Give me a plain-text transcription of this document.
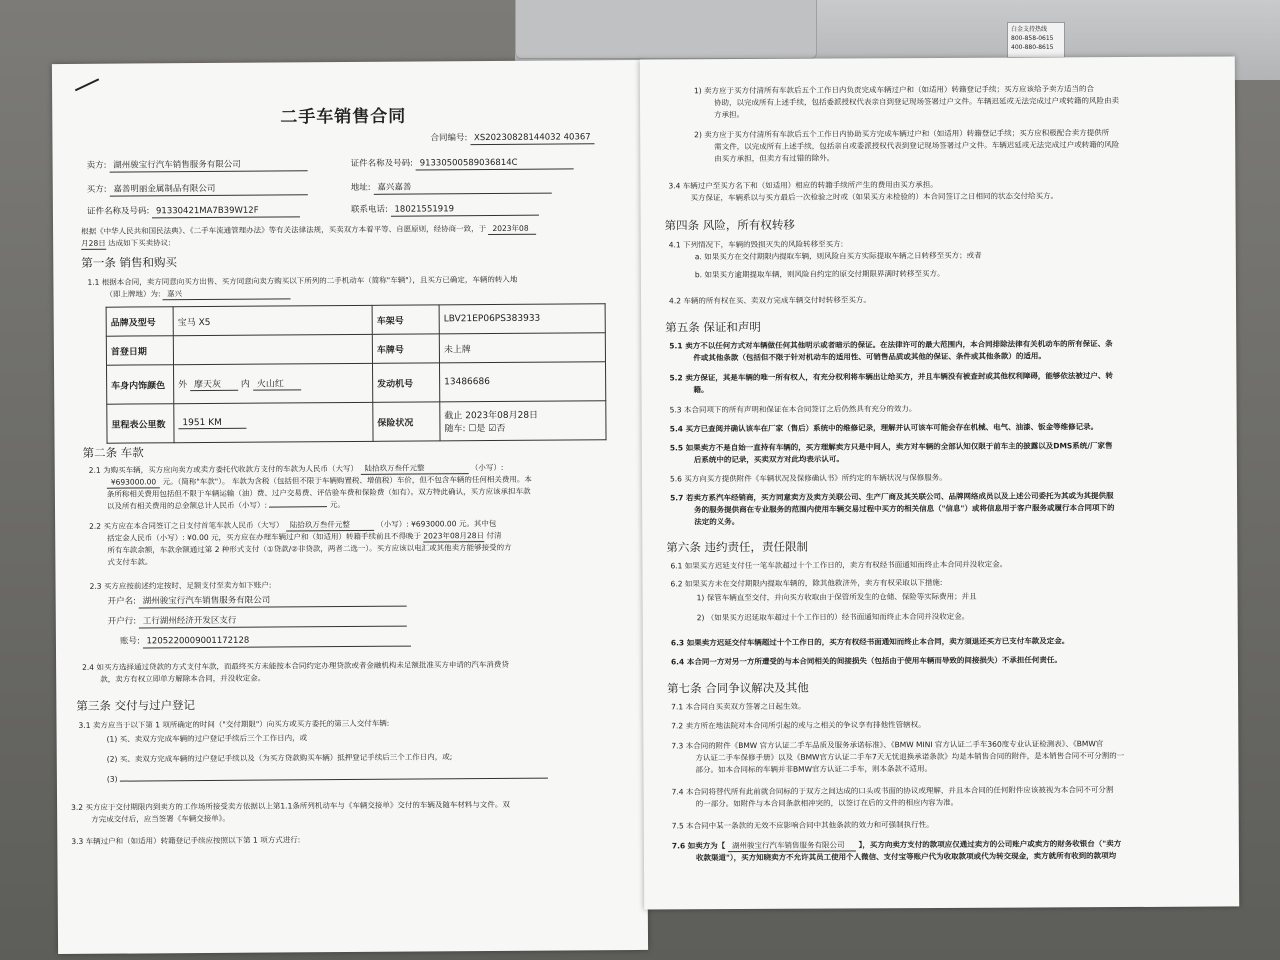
白金支持热线
800-858-0615
400-880-8615
二手车销售合同
合同编号: XS20230828144032 40367
卖方: 湖州骏宝行汽车销售服务有限公司	证件名称及号码: 91330500589036814C
买方: 嘉善明丽金属制品有限公司	地址: 嘉兴嘉善
证件名称及号码: 91330421MA7B39W12F	联系电话: 18021551919
根据《中华人民共和国民法典》、《二手车流通管理办法》等有关法律法规，买卖双方本着平等、自愿原则，经协商一致，于 2023年08
月28日 达成如下买卖协议:
第一条 销售和购买
1.1 根据本合同，卖方同意向买方出售、买方同意向卖方购买以下所列的二手机动车（简称"车辆"），且买方已确定，车辆的转入地
（即上牌地）为: 嘉兴
品牌及型号	宝马 X5	车架号	LBV21EP06PS383933
首登日期		车牌号	未上牌
车身内饰颜色	外 摩天灰 内 火山红	发动机号	13486686
里程表公里数	1951 KM	保险状况	截止 2023年08月28日
随车: ☐是 ☑否
第二条 车款
2.1 为购买车辆，买方应向卖方或卖方委托代收款方支付的车款为人民币（大写） 陆拾玖万叁仟元整	（小写）:
¥693000.00 元。（简称"车款"）。 车款为含税（包括但不限于车辆购置税、增值税）车价，但不包含车辆的任何相关费用。本
条所称相关费用包括但不限于车辆运输（油）费、过户交易费、评估验车费和保险费（如有）。双方特此确认，买方应该承担车款
以及所有相关费用的总金额总计人民币（小写）:	元。
2.2 买方应在本合同签订之日支付首笔车款人民币（大写） 陆拾玖万叁仟元整	（小写）: ¥693000.00 元。其中包
括定金人民币（小写）: ¥0.00 元，买方应在办理车辆过户和（如适用）转籍手续前且不得晚于 2023年08月28日 付清
所有车款余额，车款余额通过第 2 种形式支付（①贷款/②非贷款，两者二选一）。买方应该以电汇或其他卖方能够接受的方
式支付车款。
2.3 买方应按前述约定按时、足额支付至卖方如下账户:
开户名: 湖州骏宝行汽车销售服务有限公司
开户行: 工行湖州经济开发区支行
账号: 1205220009001172128
2.4 如买方选择通过贷款的方式支付车款，而最终买方未能按本合同约定办理贷款或者金融机构未足额批准买方申请的汽车消费贷
款，卖方有权立即单方解除本合同，并没收定金。
第三条 交付与过户登记
3.1 卖方应当于以下第 1 项所确定的时间（"交付期限"）向买方或买方委托的第三人交付车辆:
(1) 买、卖双方完成车辆的过户登记手续后三个工作日内，或
(2) 买、卖双方完成车辆的过户登记手续以及（为买方贷款购买车辆）抵押登记手续后三个工作日内，或;
(3)
3.2 买方应于交付期限内到卖方的工作场所接受卖方依据以上第1.1条所列机动车与《车辆交接单》交付的车辆及随车材料与文件。双
方完成交付后，应当签署《车辆交接单》。
3.3 车辆过户和（如适用）转籍登记手续应按照以下第 1 项方式进行:
1) 卖方应于买方付清所有车款后五个工作日内负责完成车辆过户和（如适用）转籍登记手续；买方应该给予卖方适当的合
协助，以完成所有上述手续，包括委派授权代表亲自到登记现场签署过户文件。车辆迟延或无法完成过户或转籍的风险由卖
方承担。
2) 卖方应于买方付清所有车款后五个工作日内协助买方完成车辆过户和（如适用）转籍登记手续；买方应积极配合卖方提供所
需文件，以完成所有上述手续，包括亲自或委派授权代表到登记现场签署过户文件。车辆迟延或无法完成过户或转籍的风险
由买方承担，但卖方有过错的除外。
3.4 车辆过户至买方名下和（如适用）相应的转籍手续所产生的费用由买方承担。
买方保证，车辆系以与买方最后一次检验之时或（如果买方未检验的）本合同签订之日相同的状态交付给买方。
第四条 风险，所有权转移
4.1 下列情况下，车辆的毁损灭失的风险转移至买方:
a. 如果买方在交付期限内提取车辆，则风险自买方实际提取车辆之日转移至买方；或者
b. 如果买方逾期提取车辆，则风险自约定的原交付期限界满时转移至买方。
4.2 车辆的所有权在买、卖双方完成车辆交付时转移至买方。
第五条 保证和声明
5.1 卖方不以任何方式对车辆做任何其他明示或者暗示的保证。在法律许可的最大范围内，本合同排除法律有关机动车的所有保证、条
件或其他条款（包括但不限于针对机动车的适用性、可销售品质或其他的保证、条件或其他条款）的适用。
5.2 卖方保证，其是车辆的唯一所有权人，有充分权利将车辆出让给买方，并且车辆没有被查封或其他权利障碍，能够依法被过户、转
籍。
5.3 本合同项下的所有声明和保证在本合同签订之后仍然具有充分的效力。
5.4 买方已查阅并确认该车在厂家（售后）系统中的维修记录，理解并认可该车可能会存在机械、电气、油漆、钣金等维修记录。
5.5 如果卖方不是自始一直持有车辆的，买方理解卖方只是中间人，卖方对车辆的全部认知仅限于前车主的披露以及DMS系统/厂家售
后系统中的记录，买卖双方对此均表示认可。
5.6 买方向买方提供附件《车辆状况及保修确认书》所约定的车辆状况与保修服务。
5.7 若卖方系汽车经销商，买方同意卖方及卖方关联公司、生产厂商及其关联公司、品牌网络成员以及上述公司委托为其或为其提供服
务的服务提供商在专业服务的范围内使用车辆交易过程中买方的相关信息（"信息"）或将信息用于客户服务或履行本合同项下的
法定的义务。
第六条 违约责任，责任限制
6.1 如果买方迟延支付任一笔车款超过十个工作日的，卖方有权经书面通知而终止本合同并没收定金。
6.2 如果买方未在交付期限内提取车辆的，除其他救济外，卖方有权采取以下措施:
1) 保管车辆直至交付，并向买方收取由于保管所发生的仓储、保险等实际费用；并且
2) （如果买方迟延取车超过十个工作日的）经书面通知而终止本合同并没收定金。
6.3 如果卖方迟延交付车辆超过十个工作日的，买方有权经书面通知而终止本合同，卖方須退还买方已支付车款及定金。
6.4 本合同一方对另一方所遭受的与本合同相关的间接损失（包括由于使用车辆而导致的间接损失）不承担任何责任。
第七条 合同争议解决及其他
7.1 本合同自买卖双方签署之日起生效。
7.2 卖方所在地法院对本合同所引起的或与之相关的争议享有排他性管辖权。
7.3 本合同的附件《BMW 官方认证二手车品质及服务承诺标准》、《BMW MINI 官方认证二手车360度专业认证检测表》、《BMW官
方认证二手车保修手册》以及《BMW官方认证二手车7天无忧退换承诺条款》均是本销售合同的附件，是本销售合同不可分割的一
部分。如本合同标的车辆并非BMW官方认证二手车，则本条款不适用。
7.4 本合同将替代所有此前就合同标的于双方之间达成的口头或书面的协议或理解，并且本合同的任何附件应该被视为本合同不可分割
的一部分。如附件与本合同条款相冲突的，以签订在后的文件的相应内容为准。
7.5 本合同中某一条款的无效不应影响合同中其他条款的效力和可强制执行性。
7.6 如卖方为【 湖州骏宝行汽车销售服务有限公司 】，买方向卖方支付的款项应仅通过卖方的公司账户或卖方的财务收银台（"卖方
收款渠道"），买方知晓卖方不允许其员工使用个人微信、支付宝等账户代为收取款项或代为转交现金，卖方就所有收到的款项均
